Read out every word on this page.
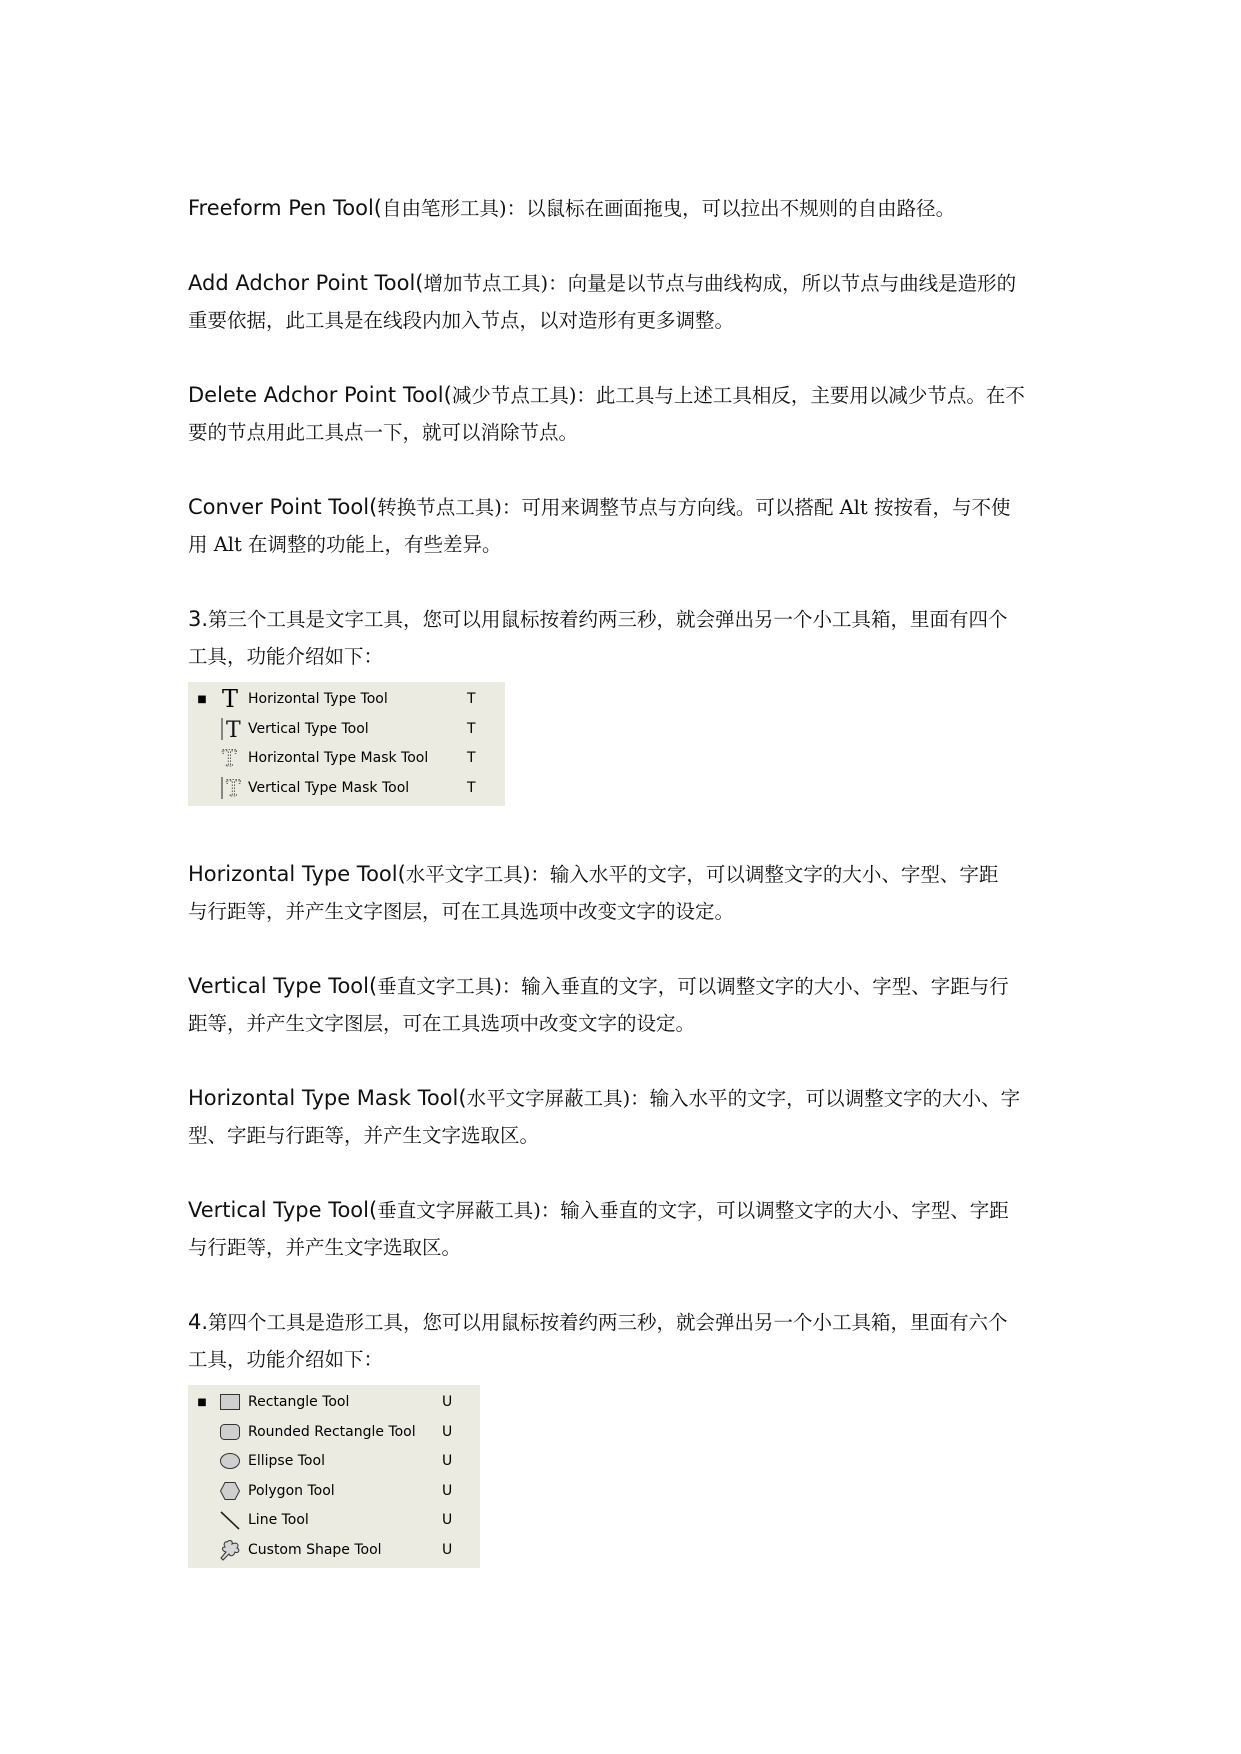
Freeform Pen Tool(自由笔形工具)：以鼠标在画面拖曳，可以拉出不规则的自由路径。

Add Adchor Point Tool(增加节点工具)：向量是以节点与曲线构成，所以节点与曲线是造形的
重要依据，此工具是在线段内加入节点，以对造形有更多调整。

Delete Adchor Point Tool(减少节点工具)：此工具与上述工具相反，主要用以减少节点。在不
要的节点用此工具点一下，就可以消除节点。

Conver Point Tool(转换节点工具)：可用来调整节点与方向线。可以搭配 Alt 按按看，与不使
用 Alt 在调整的功能上，有些差异。

3.第三个工具是文字工具，您可以用鼠标按着约两三秒，就会弹出另一个小工具箱，里面有四个
工具，功能介绍如下：

■ T Horizontal Type Tool	T
T Vertical Type Tool	T
T Horizontal Type Mask Tool	T
T Vertical Type Mask Tool	T

Horizontal Type Tool(水平文字工具)：输入水平的文字，可以调整文字的大小、字型、字距
与行距等，并产生文字图层，可在工具选项中改变文字的设定。

Vertical Type Tool(垂直文字工具)：输入垂直的文字，可以调整文字的大小、字型、字距与行
距等，并产生文字图层，可在工具选项中改变文字的设定。

Horizontal Type Mask Tool(水平文字屏蔽工具)：输入水平的文字，可以调整文字的大小、字
型、字距与行距等，并产生文字选取区。

Vertical Type Tool(垂直文字屏蔽工具)：输入垂直的文字，可以调整文字的大小、字型、字距
与行距等，并产生文字选取区。

4.第四个工具是造形工具，您可以用鼠标按着约两三秒，就会弹出另一个小工具箱，里面有六个
工具，功能介绍如下：

■	Rectangle Tool	U
Rounded Rectangle Tool	U
Ellipse Tool	U
Polygon Tool	U
Line Tool	U
Custom Shape Tool	U
